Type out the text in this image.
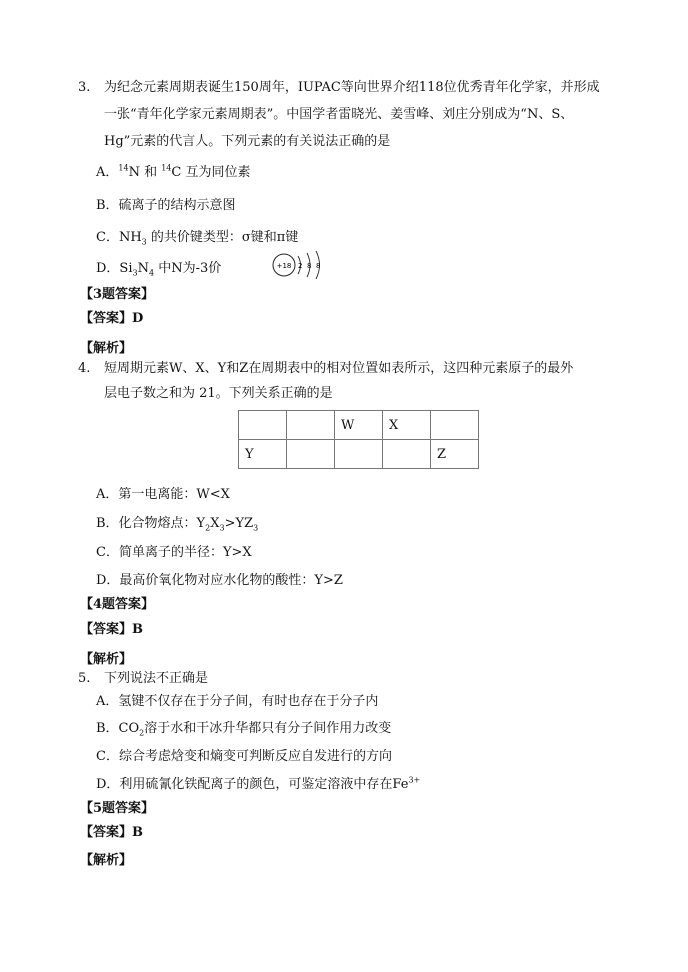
3. 为纪念元素周期表诞生150周年，IUPAC等向世界介绍118位优秀青年化学家，并形成
一张“青年化学家元素周期表”。中国学者雷晓光、姜雪峰、刘庄分别成为“N、S、
Hg”元素的代言人。下列元素的有关说法正确的是
A．$^{14}$N 和 $^{14}$C 互为同位素
B．硫离子的结构示意图
C．$NH_3$ 的共价键类型：σ键和π键
D．$Si_3N_4$ 中N为-3价	+18 2 8 8
【3题答案】
【答案】D
【解析】
4. 短周期元素W、X、Y和Z在周期表中的相对位置如表所示，这四种元素原子的最外
层电子数之和为 21。下列关系正确的是
		W	X	
Y				Z
A．第一电离能：W<X
B．化合物熔点：$Y_2X_3>YZ_3$
C．简单离子的半径：Y>X
D．最高价氧化物对应水化物的酸性：Y>Z
【4题答案】
【答案】B
【解析】
5. 下列说法不正确是
A．氢键不仅存在于分子间，有时也存在于分子内
B．$CO_2$溶于水和干冰升华都只有分子间作用力改变
C．综合考虑焓变和熵变可判断反应自发进行的方向
D．利用硫氰化铁配离子的颜色，可鉴定溶液中存在$Fe^{3+}$
【5题答案】
【答案】B
【解析】
